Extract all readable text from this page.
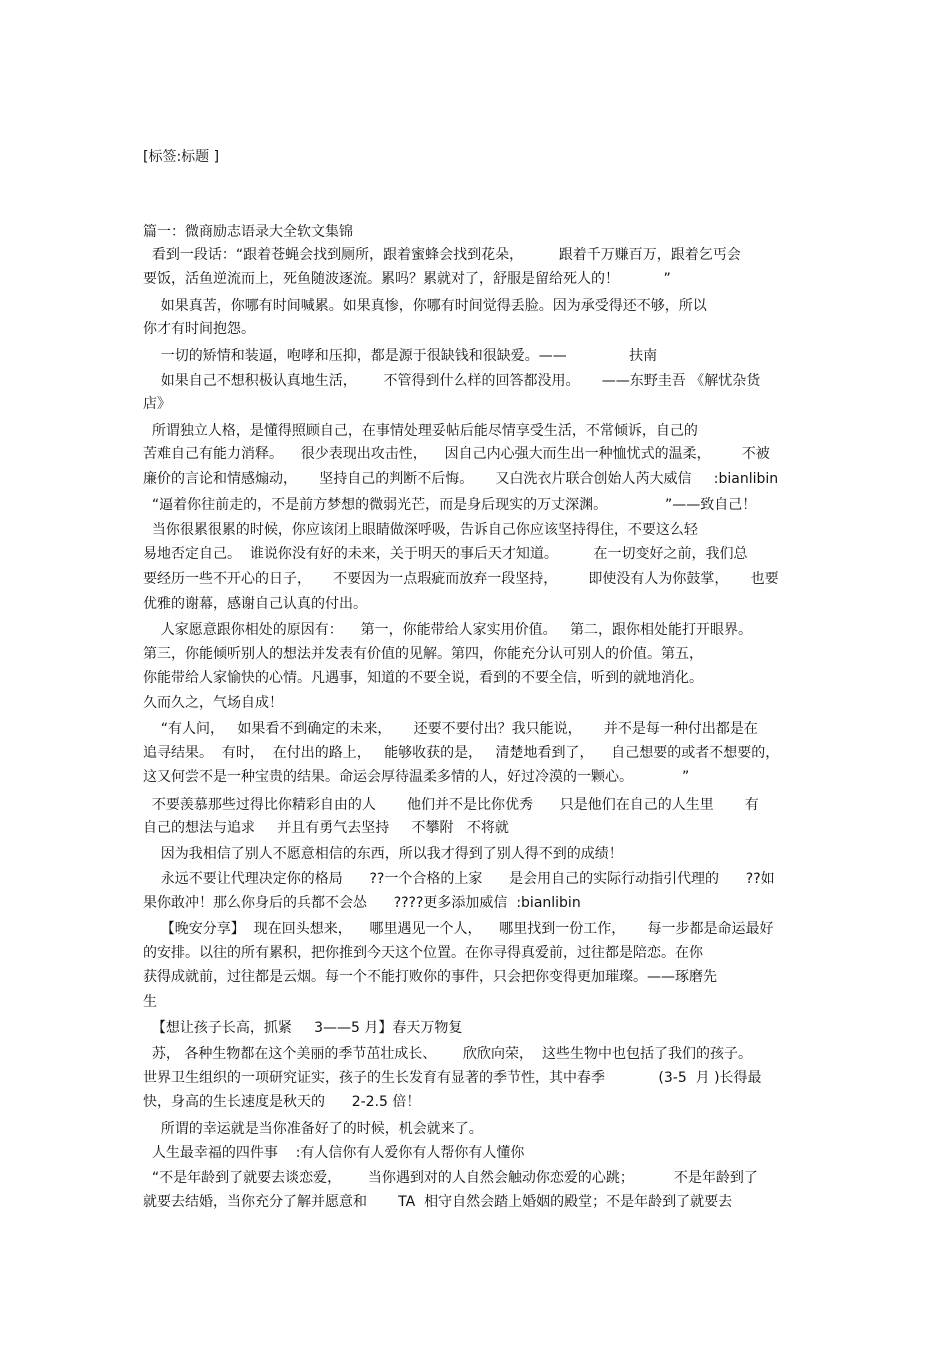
[标签:标题 ]
篇一：微商励志语录大全软文集锦
看到一段话：“跟着苍蝇会找到厕所，跟着蜜蜂会找到花朵，        跟着千万赚百万，跟着乞丐会
要饭，活鱼逆流而上，死鱼随波逐流。累吗？累就对了，舒服是留给死人的！          ”
如果真苦，你哪有时间喊累。如果真惨，你哪有时间觉得丢脸。因为承受得还不够，所以
你才有时间抱怨。
一切的矫情和装逼，咆哮和压抑，都是源于很缺钱和很缺爱。——              扶南
如果自己不想积极认真地生活，      不管得到什么样的回答都没用。     ——东野圭吾 《解忧杂货
店》
所谓独立人格，是懂得照顾自己，在事情处理妥帖后能尽情享受生活，不常倾诉，自己的
苦难自己有能力消释。    很少表现出攻击性，    因自己内心强大而生出一种恤忧式的温柔，       不被
廉价的言论和情感煽动，     坚持自己的判断不后悔。     又白洗衣片联合创始人芮大威信     :bianlibin
“逼着你往前走的，不是前方梦想的微弱光芒，而是身后现实的万丈深渊。             ”——致自己！
当你很累很累的时候，你应该闭上眼睛做深呼吸，告诉自己你应该坚持得住，不要这么轻
易地否定自己。  谁说你没有好的未来，关于明天的事后天才知道。        在一切变好之前，我们总
要经历一些不开心的日子，     不要因为一点瑕疵而放弃一段坚持，       即使没有人为你鼓掌，     也要
优雅的谢幕，感谢自己认真的付出。
人家愿意跟你相处的原因有：    第一，你能带给人家实用价值。   第二，跟你相处能打开眼界。
第三，你能倾听别人的想法并发表有价值的见解。第四，你能充分认可别人的价值。第五，
你能带给人家愉快的心情。凡遇事，知道的不要全说，看到的不要全信，听到的就地消化。
久而久之，气场自成！
“有人问，   如果看不到确定的未来，     还要不要付出？我只能说，     并不是每一种付出都是在
追寻结果。  有时，  在付出的路上，   能够收获的是，   清楚地看到了，    自己想要的或者不想要的，
这又何尝不是一种宝贵的结果。命运会厚待温柔多情的人，好过冷漠的一颗心。           ”
不要羡慕那些过得比你精彩自由的人       他们并不是比你优秀      只是他们在自己的人生里       有
自己的想法与追求     并且有勇气去坚持     不攀附   不将就
因为我相信了别人不愿意相信的东西，所以我才得到了别人得不到的成绩！
永远不要让代理决定你的格局      ??一个合格的上家      是会用自己的实际行动指引代理的      ??如
果你敢冲！那么你身后的兵都不会怂      ????更多添加威信  :bianlibin
【晚安分享】  现在回头想来，    哪里遇见一个人，    哪里找到一份工作，     每一步都是命运最好
的安排。以往的所有累积，把你推到今天这个位置。在你寻得真爱前，过往都是陪恋。在你
获得成就前，过往都是云烟。每一个不能打败你的事件，只会把你变得更加璀璨。——琢磨先
生
【想让孩子长高，抓紧     3——5 月】春天万物复
苏， 各种生物都在这个美丽的季节茁壮成长、      欣欣向荣，  这些生物中也包括了我们的孩子。
世界卫生组织的一项研究证实，孩子的生长发育有显著的季节性，其中春季            (3-5  月 )长得最
快，身高的生长速度是秋天的      2-2.5 倍！
所谓的幸运就是当你准备好了的时候，机会就来了。
人生最幸福的四件事    :有人信你有人爱你有人帮你有人懂你
“不是年龄到了就要去谈恋爱，      当你遇到对的人自然会触动你恋爱的心跳；         不是年龄到了
就要去结婚，当你充分了解并愿意和       TA  相守自然会踏上婚姻的殿堂；不是年龄到了就要去
